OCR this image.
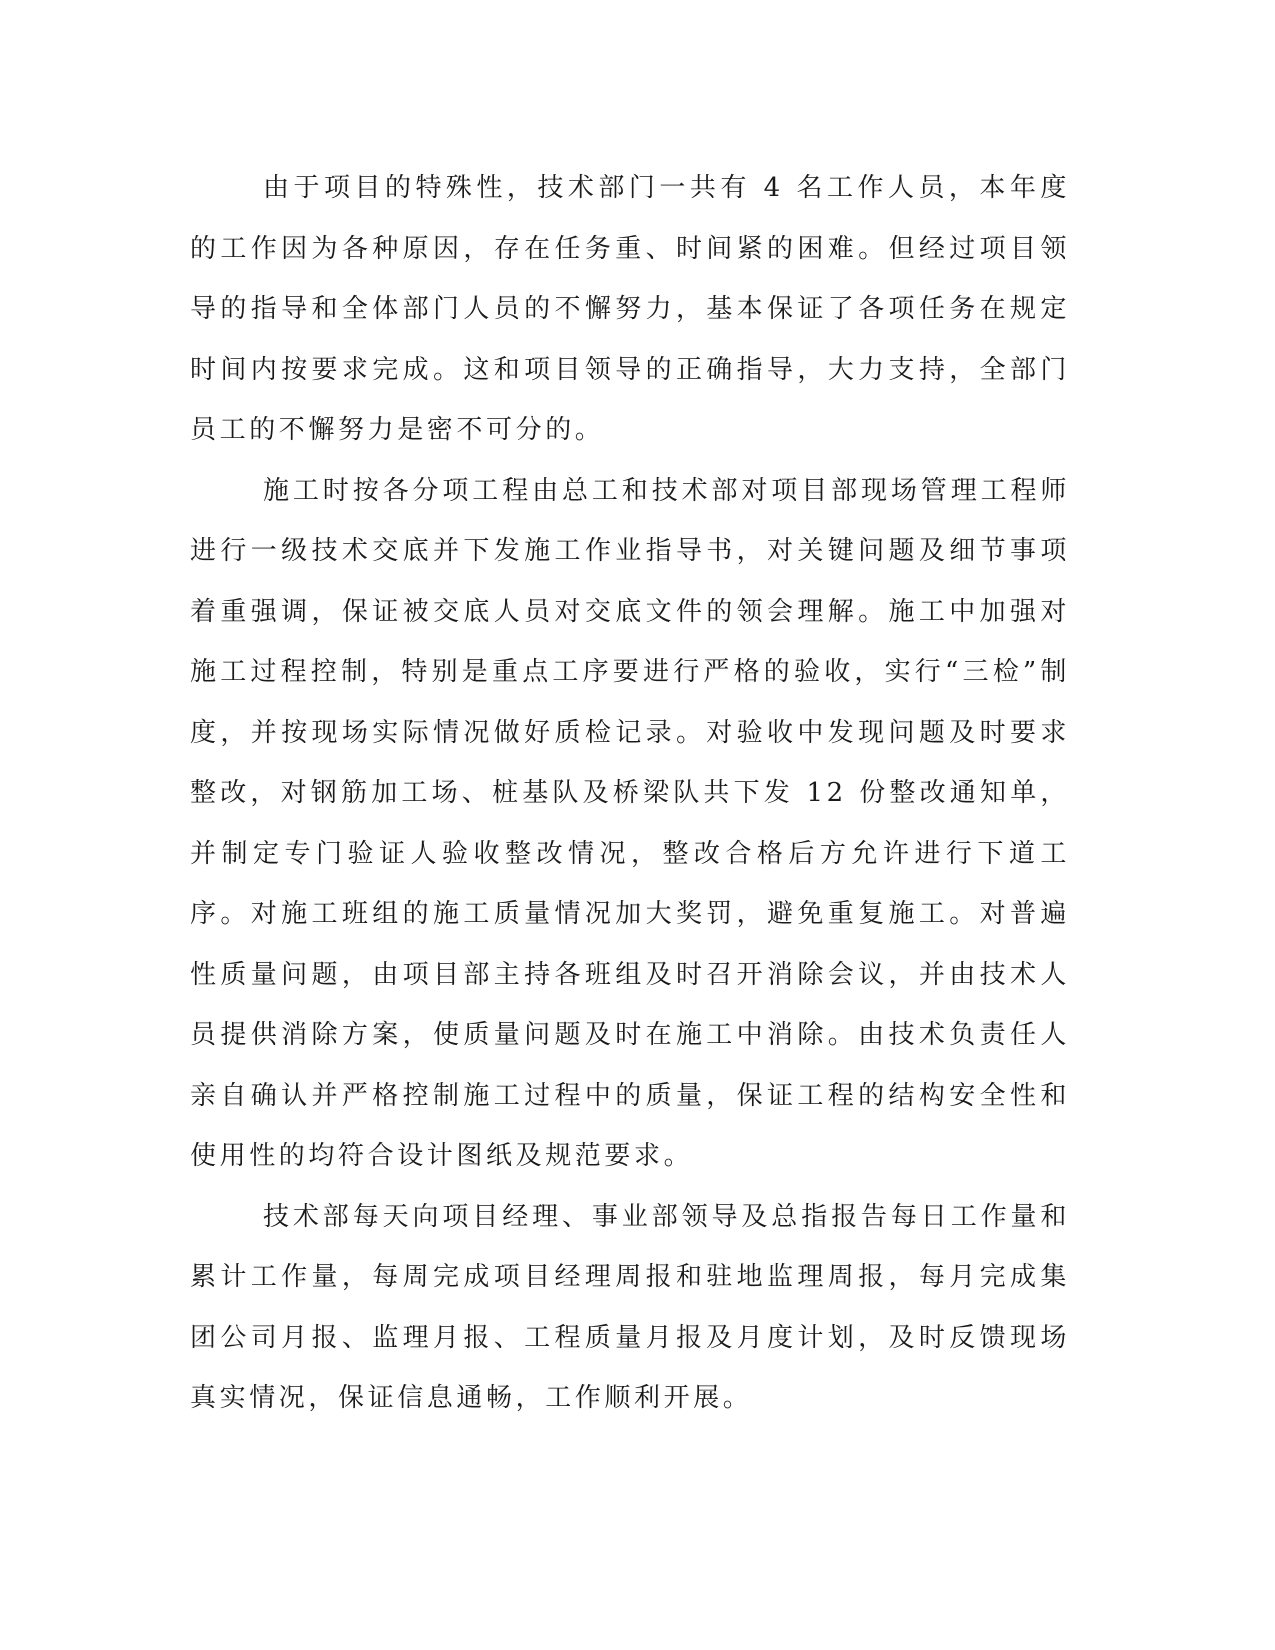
由于项目的特殊性，技术部门一共有 4 名工作人员，本年度的工作因为各种原因，存在任务重、时间紧的困难。但经过项目领导的指导和全体部门人员的不懈努力，基本保证了各项任务在规定时间内按要求完成。这和项目领导的正确指导，大力支持，全部门员工的不懈努力是密不可分的。

施工时按各分项工程由总工和技术部对项目部现场管理工程师进行一级技术交底并下发施工作业指导书，对关键问题及细节事项着重强调，保证被交底人员对交底文件的领会理解。施工中加强对施工过程控制，特别是重点工序要进行严格的验收，实行“三检”制度，并按现场实际情况做好质检记录。对验收中发现问题及时要求整改，对钢筋加工场、桩基队及桥梁队共下发 12 份整改通知单，并制定专门验证人验收整改情况，整改合格后方允许进行下道工序。对施工班组的施工质量情况加大奖罚，避免重复施工。对普遍性质量问题，由项目部主持各班组及时召开消除会议，并由技术人员提供消除方案，使质量问题及时在施工中消除。由技术负责任人亲自确认并严格控制施工过程中的质量，保证工程的结构安全性和使用性的均符合设计图纸及规范要求。

技术部每天向项目经理、事业部领导及总指报告每日工作量和累计工作量，每周完成项目经理周报和驻地监理周报，每月完成集团公司月报、监理月报、工程质量月报及月度计划，及时反馈现场真实情况，保证信息通畅，工作顺利开展。
